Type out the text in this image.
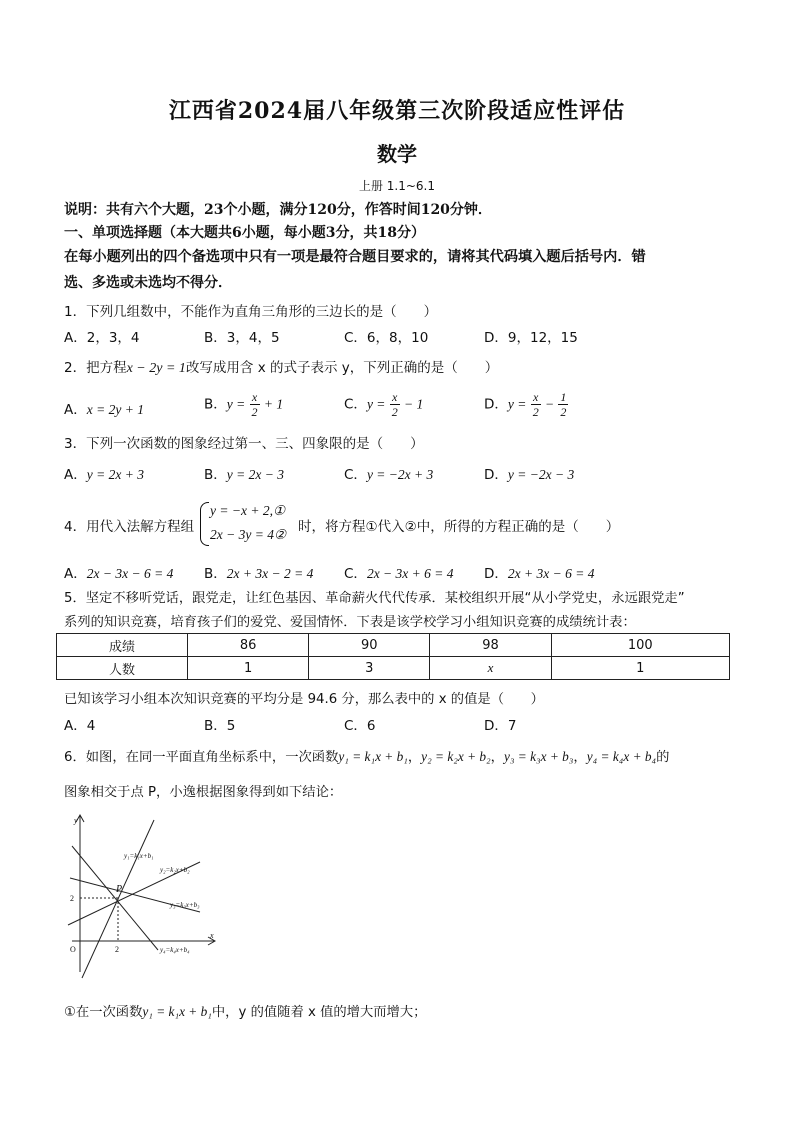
江西省2024届八年级第三次阶段适应性评估
数学
上册 1.1~6.1
说明：共有六个大题，23个小题，满分120分，作答时间120分钟．
一、单项选择题（本大题共6小题，每小题3分，共18分）
在每小题列出的四个备选项中只有一项是最符合题目要求的，请将其代码填入题后括号内．错
选、多选或未选均不得分．
1．下列几组数中，不能作为直角三角形的三边长的是（　　）
A．2，3，4	B．3，4，5	C．6，8，10	D．9，12，15
2．把方程x − 2y = 1改写成用含 x 的式子表示 y，下列正确的是（　　）
A．x = 2y + 1	B．$y = \frac{x}{2} + 1$	C．$y = \frac{x}{2} - 1$	D．$y = \frac{x}{2} - \frac{1}{2}$
3．下列一次函数的图象经过第一、三、四象限的是（　　）
A．y = 2x + 3	B．y = 2x − 3	C．y = −2x + 3	D．y = −2x − 3
4．用代入法解方程组
y = −x + 2,①
2x − 3y = 4② 时，将方程①代入②中，所得的方程正确的是（　　）
A．2x − 3x − 6 = 4 B．2x + 3x − 2 = 4 C．2x − 3x + 6 = 4 D．2x + 3x − 6 = 4
5．坚定不移听党话，跟党走，让红色基因、革命薪火代代传承．某校组织开展“从小学党史，永远跟党走”
系列的知识竞赛，培育孩子们的爱党、爱国情怀．下表是该学校学习小组知识竞赛的成绩统计表：
成绩	86	90	98	100
人数	1	3	x	1
已知该学习小组本次知识竞赛的平均分是 94.6 分，那么表中的 x 的值是（　　）
A．4	B．5	C．6	D．7
6．如图，在同一平面直角坐标系中，一次函数y₁ = k₁x + b₁，y₂ = k₂x + b₂，y₃ = k₃x + b₃，y₄ = k₄x + b₄的
图象相交于点 P，小逸根据图象得到如下结论：
y
x
O
P
2
2
y₁=k₁x+b₁
y₂=k₂x+b₂
y₃=k₃x+b₃
y₄=k₄x+b₄
①在一次函数y₁ = k₁x + b₁中，y 的值随着 x 值的增大而增大；
